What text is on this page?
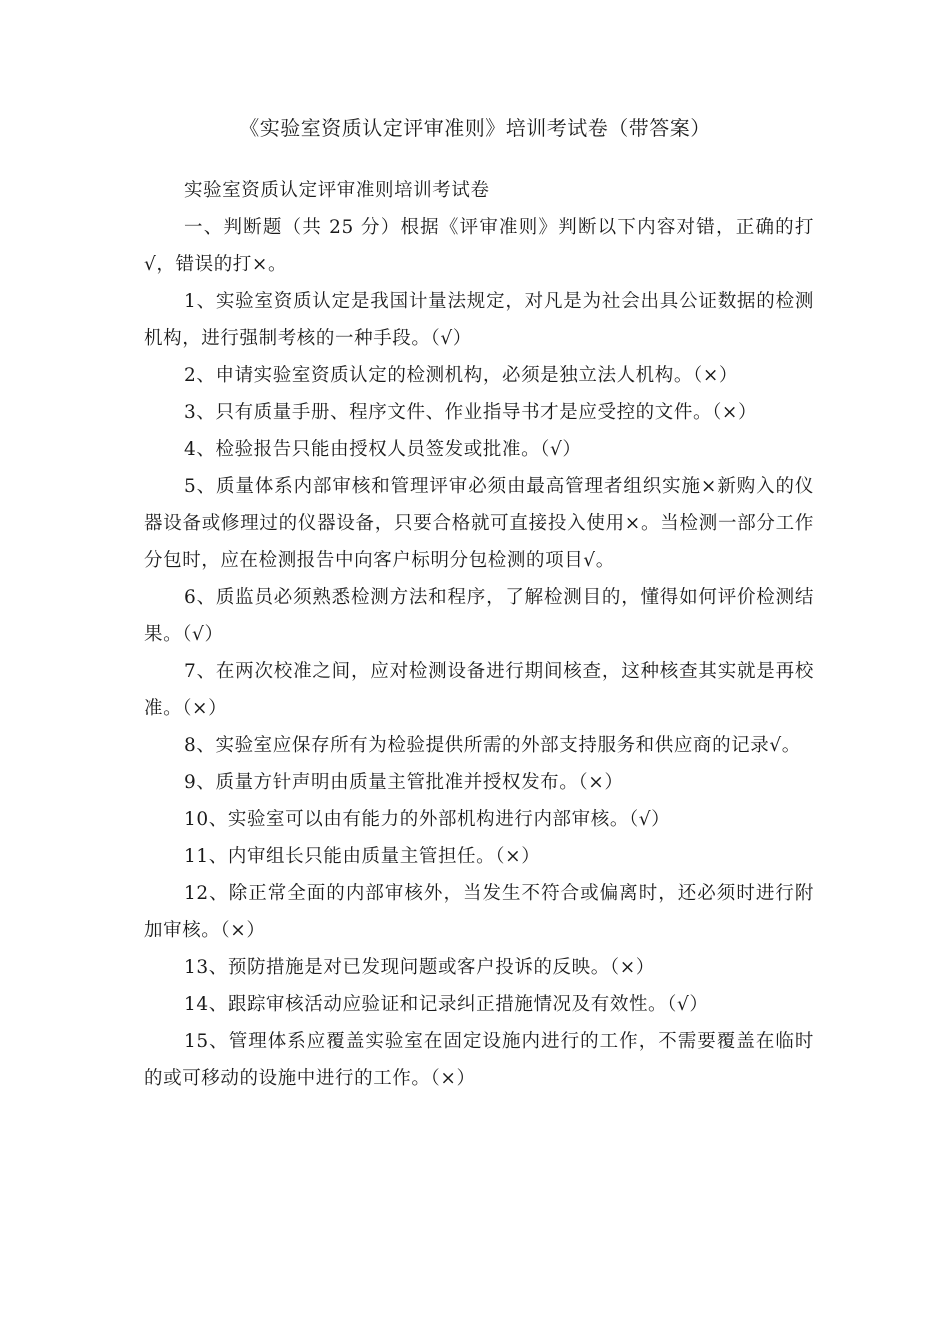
《实验室资质认定评审准则》培训考试卷（带答案）

实验室资质认定评审准则培训考试卷

一、判断题（共 25 分）根据《评审准则》判断以下内容对错，正确的打√，错误的打×。

1、实验室资质认定是我国计量法规定，对凡是为社会出具公证数据的检测机构，进行强制考核的一种手段。（√）

2、申请实验室资质认定的检测机构，必须是独立法人机构。（×）

3、只有质量手册、程序文件、作业指导书才是应受控的文件。（×）

4、检验报告只能由授权人员签发或批准。（√）

5、质量体系内部审核和管理评审必须由最高管理者组织实施×新购入的仪器设备或修理过的仪器设备，只要合格就可直接投入使用×。当检测一部分工作分包时，应在检测报告中向客户标明分包检测的项目√。

6、质监员必须熟悉检测方法和程序，了解检测目的，懂得如何评价检测结果。（√）

7、在两次校准之间，应对检测设备进行期间核查，这种核查其实就是再校准。（×）

8、实验室应保存所有为检验提供所需的外部支持服务和供应商的记录√。

9、质量方针声明由质量主管批准并授权发布。（×）

10、实验室可以由有能力的外部机构进行内部审核。（√）

11、内审组长只能由质量主管担任。（×）

12、除正常全面的内部审核外，当发生不符合或偏离时，还必须时进行附加审核。（×）

13、预防措施是对已发现问题或客户投诉的反映。（×）

14、跟踪审核活动应验证和记录纠正措施情况及有效性。（√）

15、管理体系应覆盖实验室在固定设施内进行的工作，不需要覆盖在临时的或可移动的设施中进行的工作。（×）
